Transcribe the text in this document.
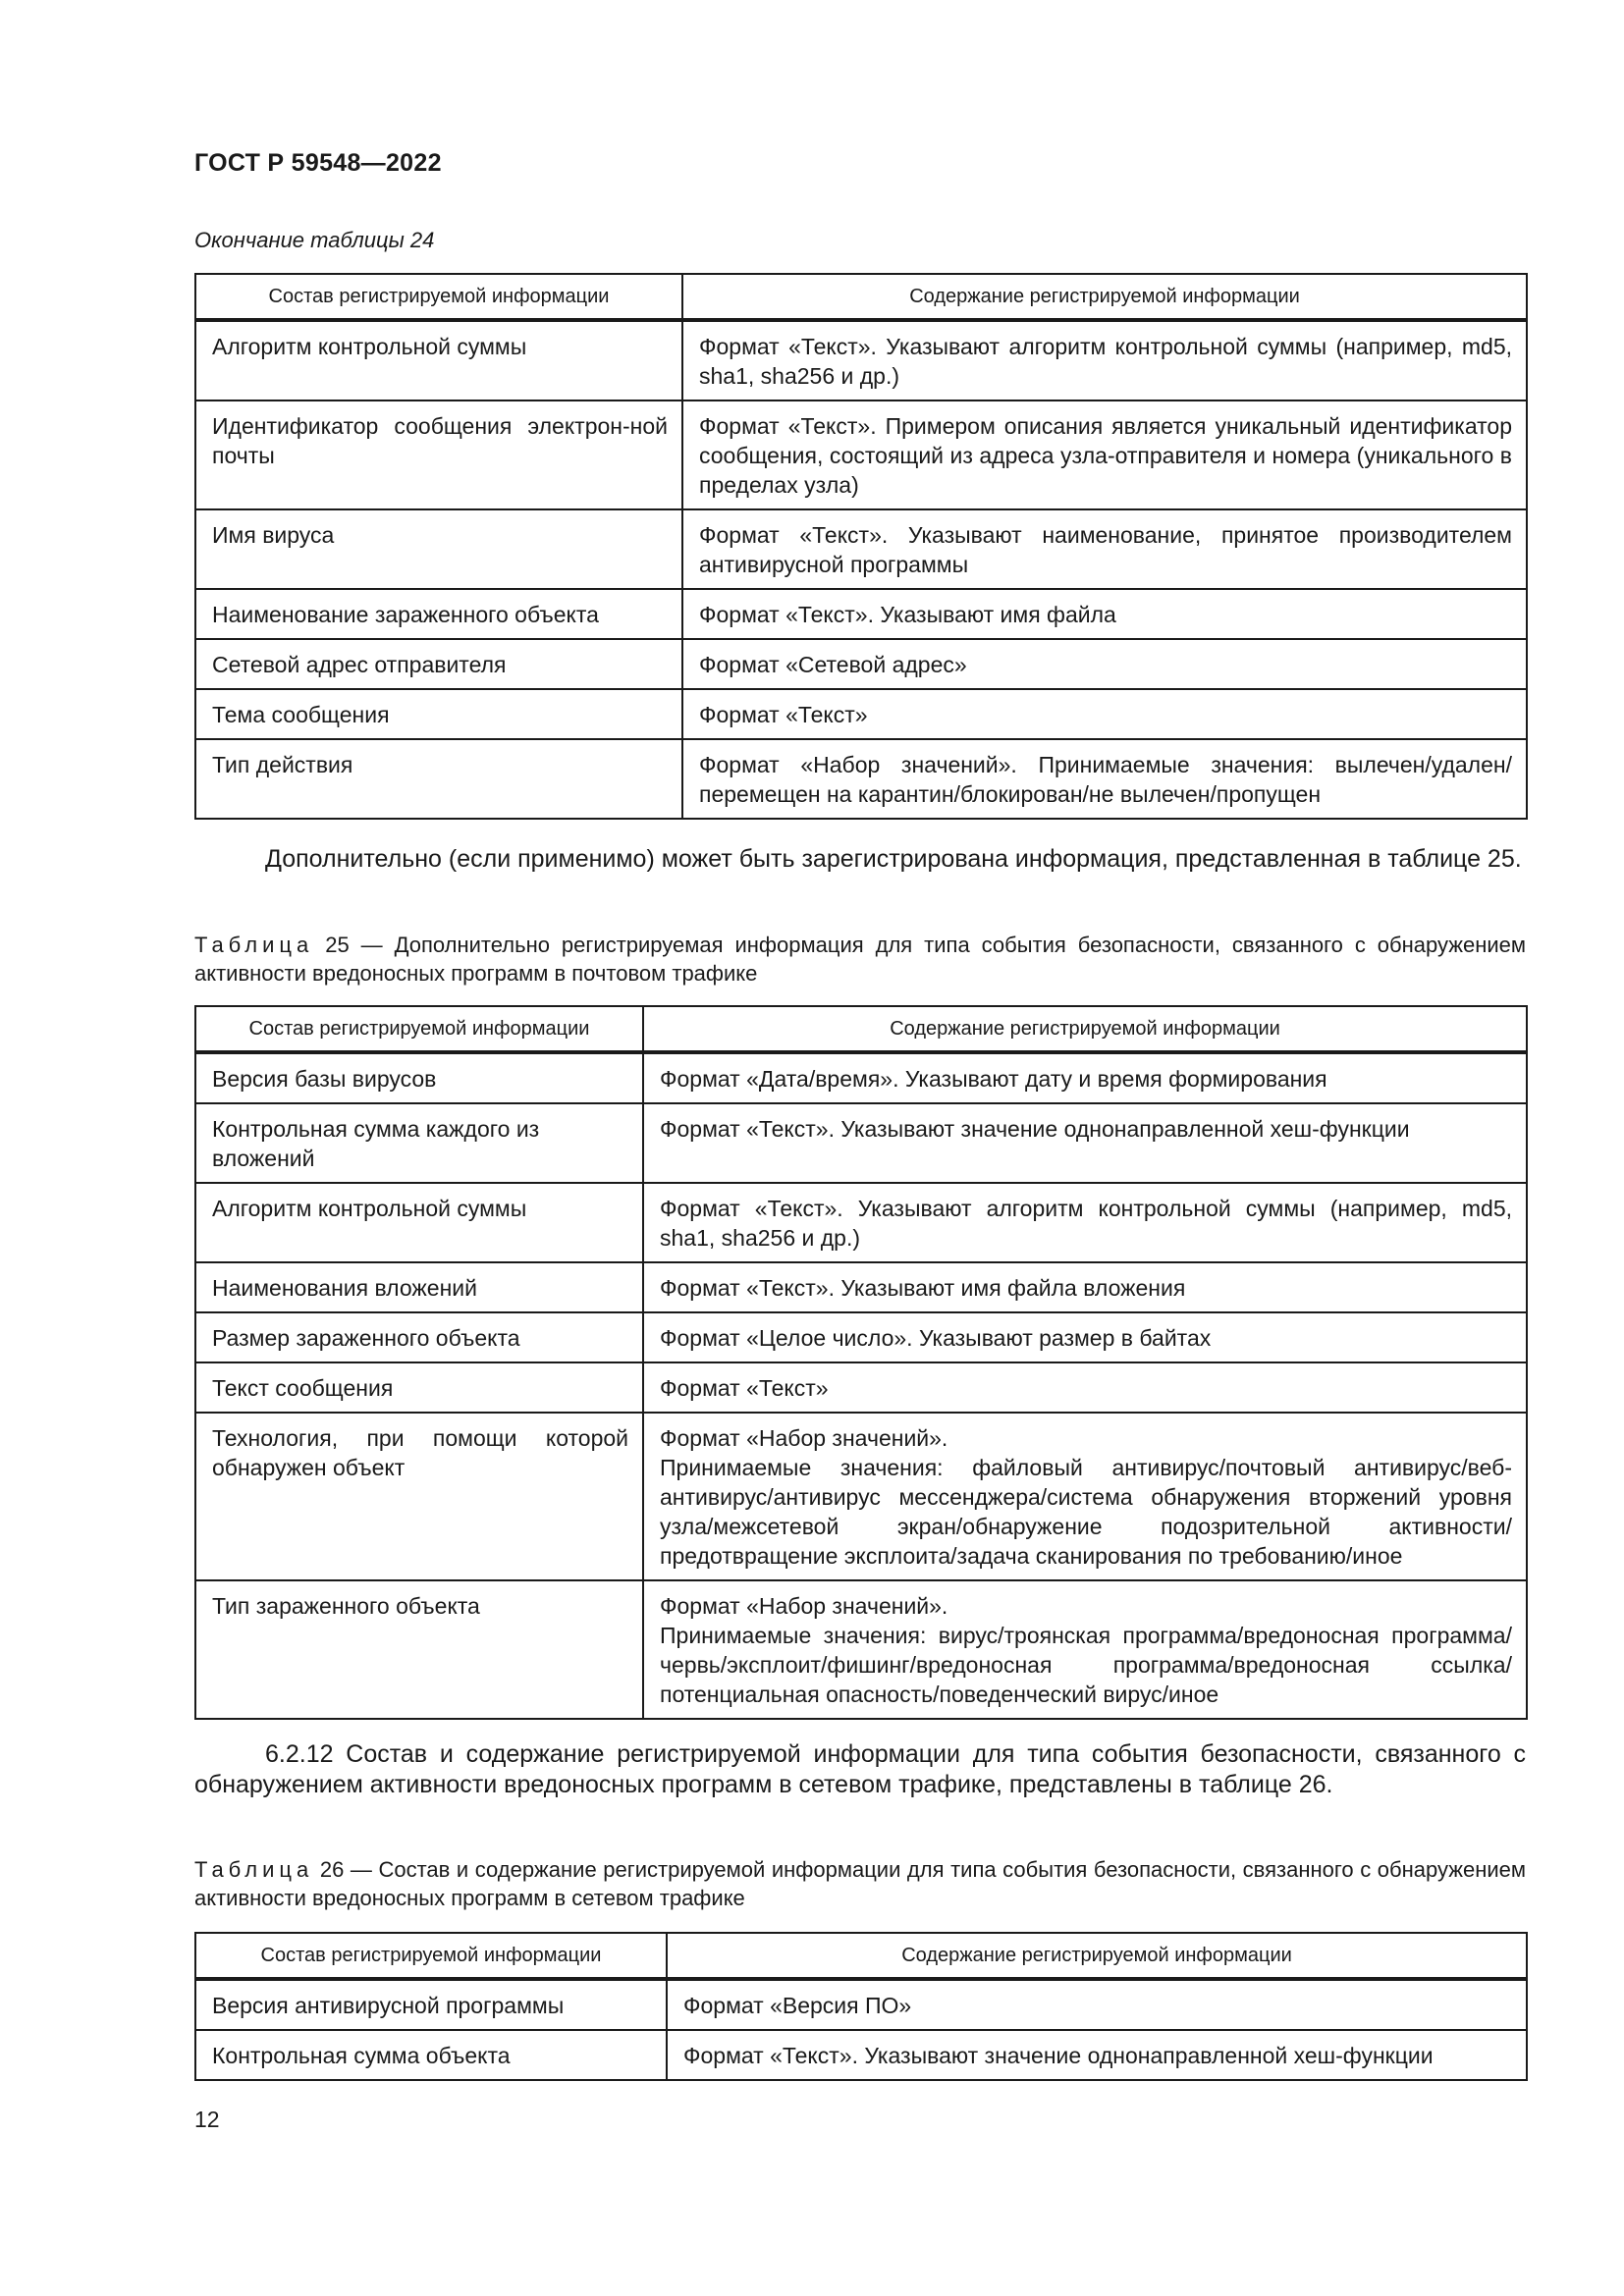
ГОСТ Р 59548—2022
Окончание таблицы 24
Состав регистрируемой информации	Содержание регистрируемой информации
Алгоритм контрольной суммы	Формат «Текст». Указывают алгоритм контрольной суммы (например, md5, sha1, sha256 и др.)
Идентификатор сообщения электрон-ной почты	Формат «Текст». Примером описания является уникальный идентификатор сообщения, состоящий из адреса узла-отправителя и номера (уникального в пределах узла)
Имя вируса	Формат «Текст». Указывают наименование, принятое производителем антивирусной программы
Наименование зараженного объекта	Формат «Текст». Указывают имя файла
Сетевой адрес отправителя	Формат «Сетевой адрес»
Тема сообщения	Формат «Текст»
Тип действия	Формат «Набор значений». Принимаемые значения: вылечен/удален/перемещен на карантин/блокирован/не вылечен/пропущен
Дополнительно (если применимо) может быть зарегистрирована информация, представленная в таблице 25.
Таблица 25 — Дополнительно регистрируемая информация для типа события безопасности, связанного с обнаружением активности вредоносных программ в почтовом трафике
Состав регистрируемой информации	Содержание регистрируемой информации
Версия базы вирусов	Формат «Дата/время». Указывают дату и время формирования
Контрольная сумма каждого из вложений	Формат «Текст». Указывают значение однонаправленной хеш-функции
Алгоритм контрольной суммы	Формат «Текст». Указывают алгоритм контрольной суммы (например, md5, sha1, sha256 и др.)
Наименования вложений	Формат «Текст». Указывают имя файла вложения
Размер зараженного объекта	Формат «Целое число». Указывают размер в байтах
Текст сообщения	Формат «Текст»
Технология, при помощи которой обнаружен объект	Формат «Набор значений».
Принимаемые значения: файловый антивирус/почтовый антивирус/веб-антивирус/антивирус мессенджера/система обнаружения вторжений уровня узла/межсетевой экран/обнаружение подозрительной активности/предотвращение эксплоита/задача сканирования по требованию/иное

Тип зараженного объекта	Формат «Набор значений».
Принимаемые значения: вирус/троянская программа/вредоносная программа/червь/эксплоит/фишинг/вредоносная программа/вредоносная ссылка/потенциальная опасность/поведенческий вирус/иное
6.2.12 Состав и содержание регистрируемой информации для типа события безопасности, связанного с обнаружением активности вредоносных программ в сетевом трафике, представлены в таблице 26.
Таблица 26 — Состав и содержание регистрируемой информации для типа события безопасности, связанного с обнаружением активности вредоносных программ в сетевом трафике
Состав регистрируемой информации	Содержание регистрируемой информации
Версия антивирусной программы	Формат «Версия ПО»
Контрольная сумма объекта	Формат «Текст». Указывают значение однонаправленной хеш-функции
12
